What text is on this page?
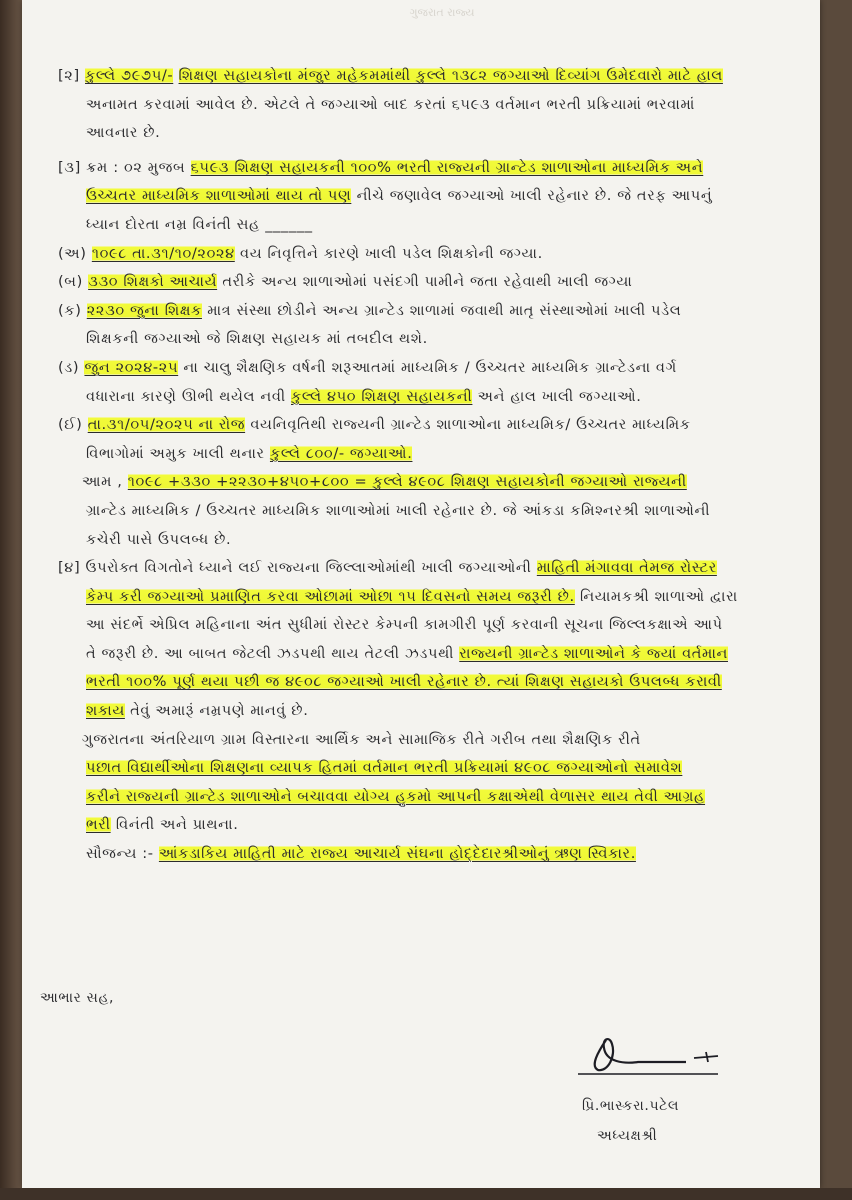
ગુજરાત રાજ્ય
[૨] કુલ્લે ૭૯૭૫/- શિક્ષણ સહાયકોના મંજુર મહેકમમાંથી કુલ્લે ૧૩૮૨ જગ્યાઓ દિવ્યાંગ ઉમેદવારો માટે હાલ
અનામત કરવામાં આવેલ છે. એટલે તે જગ્યાઓ બાદ કરતાં ૬૫૯૩ વર્તમાન ભરતી પ્રક્રિયામાં ભરવામાં
આવનાર છે.
[૩] ક્રમ : ૦૨ મુજબ ૬૫૯૩ શિક્ષણ સહાયકની ૧૦૦% ભરતી રાજ્યની ગ્રાન્ટેડ શાળાઓના માધ્યમિક અને
ઉચ્ચતર માધ્યમિક શાળાઓમાં થાય તો પણ નીચે જણાવેલ જગ્યાઓ ખાલી રહેનાર છે. જે તરફ આપનું
ધ્યાન દોરતા નમ્ર વિનંતી સહ ______
(અ) ૧૦૯૮ તા.૩૧/૧૦/૨૦૨૪ વય નિવૃત્તિને કારણે ખાલી પડેલ શિક્ષકોની જગ્યા.
(બ) ૩૩૦ શિક્ષકો આચાર્ય તરીકે અન્ય શાળાઓમાં પસંદગી પામીને જતા રહેવાથી ખાલી જગ્યા
(ક) ૨૨૩૦ જુના શિક્ષક માત્ર સંસ્થા છોડીને અન્ય ગ્રાન્ટેડ શાળામાં જવાથી માતૃ સંસ્થાઓમાં ખાલી પડેલ
શિક્ષકની જગ્યાઓ જે શિક્ષણ સહાયક માં તબદીલ થશે.
(ડ) જુન ૨૦૨૪-૨૫ ના ચાલુ શૈક્ષણિક વર્ષની શરૂઆતમાં માધ્યમિક / ઉચ્ચતર માધ્યમિક ગ્રાન્ટેડના વર્ગ
વધારાના કારણે ઊભી થયેલ નવી કુલ્લે ૪૫૦ શિક્ષણ સહાયકની અને હાલ ખાલી જગ્યાઓ.
(ઈ) તા.૩૧/૦૫/૨૦૨૫ ના રોજ વયનિવૃતિથી રાજ્યની ગ્રાન્ટેડ શાળાઓના માધ્યમિક/ ઉચ્ચતર માધ્યમિક
વિભાગોમાં અમુક ખાલી થનાર કુલ્લે ૮૦૦/- જગ્યાઓ.
આમ , ૧૦૯૮ +૩૩૦ +૨૨૩૦+૪૫૦+૮૦૦ = કુલ્લે ૪૯૦૮ શિક્ષણ સહાયકોની જગ્યાઓ રાજ્યની
ગ્રાન્ટેડ માધ્યમિક / ઉચ્ચતર માધ્યમિક શાળાઓમાં ખાલી રહેનાર છે. જે આંકડા કમિશ્નરશ્રી શાળાઓની
કચેરી પાસે ઉપલબ્ધ છે.
[૪] ઉપરોક્ત વિગતોને ધ્યાને લઈ રાજ્યના જિલ્લાઓમાંથી ખાલી જગ્યાઓની માહિતી મંગાવવા તેમજ રોસ્ટર
કેમ્પ કરી જગ્યાઓ પ્રમાણિત કરવા ઓછામાં ઓછા ૧૫ દિવસનો સમય જરૂરી છે. નિયામકશ્રી શાળાઓ દ્વારા
આ સંદર્ભે એપ્રિલ મહિનાના અંત સુધીમાં રોસ્ટર કેમ્પની કામગીરી પૂર્ણ કરવાની સૂચના જિલ્લકક્ષાએ આપે
તે જરૂરી છે. આ બાબત જેટલી ઝડપથી થાય તેટલી ઝડપથી રાજ્યની ગ્રાન્ટેડ શાળાઓને કે જ્યાં વર્તમાન
ભરતી ૧૦૦% પૂર્ણ થયા પછી જ ૪૯૦૮ જગ્યાઓ ખાલી રહેનાર છે. ત્યાં શિક્ષણ સહાયકો ઉપલબ્ધ કરાવી
શકાય તેવું અમારૂં નમ્રપણે માનવું છે.
ગુજરાતના અંતરિયાળ ગ્રામ વિસ્તારના આર્થિક અને સામાજિક રીતે ગરીબ તથા શૈક્ષણિક રીતે
પછાત વિદ્યાર્થીઓના શિક્ષણના વ્યાપક હિતમાં વર્તમાન ભરતી પ્રક્રિયામાં ૪૯૦૮ જગ્યાઓનો સમાવેશ
કરીને રાજ્યની ગ્રાન્ટેડ શાળાઓને બચાવવા યોગ્ય હુકમો આપની કક્ષાએથી વેળાસર થાય તેવી આગ્રહ
ભરી વિનંતી અને પ્રાથના.
સૌજન્ય :- આંકડાકિય માહિતી માટે રાજ્ય આચાર્ય સંઘના હોદ્દેદારશ્રીઓનું ઋણ સ્વિકાર.
આભાર સહ,
પ્રિ.ભાસ્કરા.પટેલ
અધ્યક્ષશ્રી
